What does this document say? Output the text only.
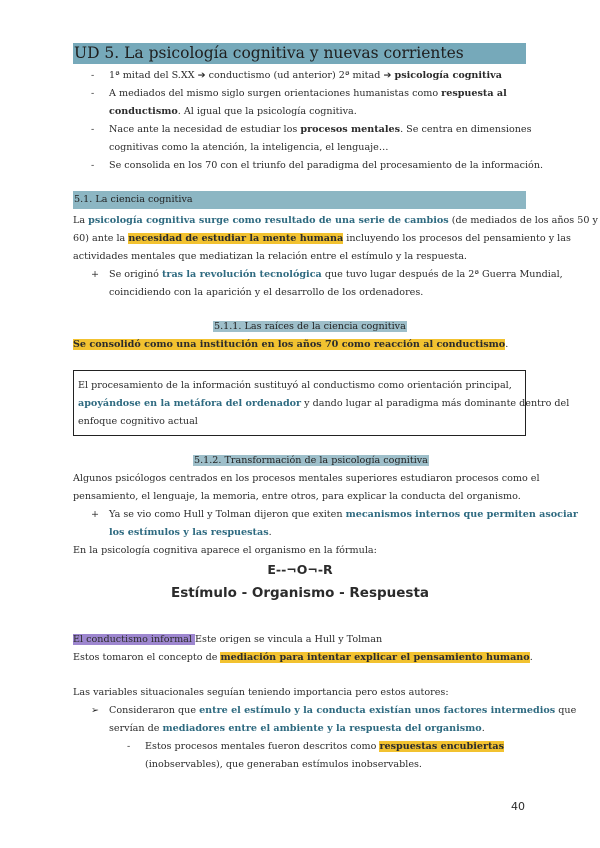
UD 5. La psicología cognitiva y nuevas corrientes
- 1ª mitad del S.XX ➔ conductismo (ud anterior) 2ª mitad ➔ psicología cognitiva
- A mediados del mismo siglo surgen orientaciones humanistas como respuesta al
conductismo. Al igual que la psicología cognitiva.
- Nace ante la necesidad de estudiar los procesos mentales. Se centra en dimensiones
cognitivas como la atención, la inteligencia, el lenguaje…
- Se consolida en los 70 con el triunfo del paradigma del procesamiento de la información.
5.1. La ciencia cognitiva
La psicología cognitiva surge como resultado de una serie de cambios (de mediados de los años 50 y
60) ante la necesidad de estudiar la mente humana incluyendo los procesos del pensamiento y las
actividades mentales que mediatizan la relación entre el estímulo y la respuesta.
+ Se originó tras la revolución tecnológica que tuvo lugar después de la 2ª Guerra Mundial,
coincidiendo con la aparición y el desarrollo de los ordenadores.
5.1.1. Las raíces de la ciencia cognitiva
Se consolidó como una institución en los años 70 como reacción al conductismo.
El procesamiento de la información sustituyó al conductismo como orientación principal,
apoyándose en la metáfora del ordenador y dando lugar al paradigma más dominante dentro del
enfoque cognitivo actual
5.1.2. Transformación de la psicología cognitiva
Algunos psicólogos centrados en los procesos mentales superiores estudiaron procesos como el
pensamiento, el lenguaje, la memoria, entre otros, para explicar la conducta del organismo.
+ Ya se vio como Hull y Tolman dijeron que exiten mecanismos internos que permiten asociar
los estímulos y las respuestas.
En la psicología cognitiva aparece el organismo en la fórmula:
E--¬O¬-R
Estímulo - Organismo - Respuesta
El conductismo informal Este origen se vincula a Hull y Tolman
Estos tomaron el concepto de mediación para intentar explicar el pensamiento humano.
Las variables situacionales seguían teniendo importancia pero estos autores:
➢ Consideraron que entre el estímulo y la conducta existían unos factores intermedios que
servían de mediadores entre el ambiente y la respuesta del organismo.
- Estos procesos mentales fueron descritos como respuestas encubiertas
(inobservables), que generaban estímulos inobservables.
40
